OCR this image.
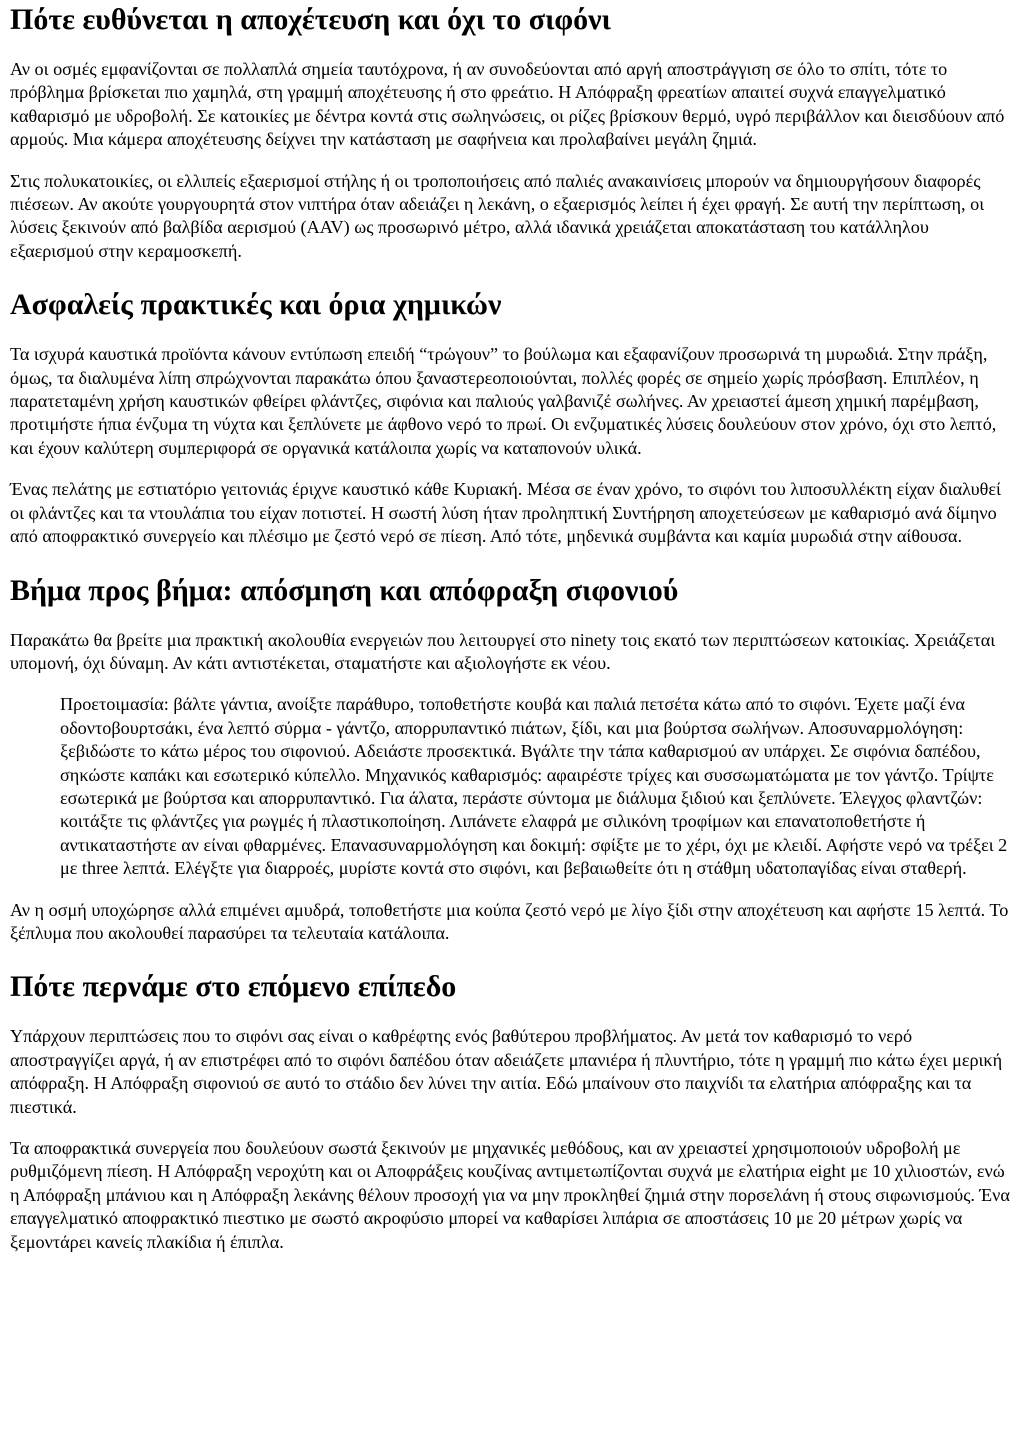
Πότε ευθύνεται η αποχέτευση και όχι το σιφόνι

Αν οι οσμές εμφανίζονται σε πολλαπλά σημεία ταυτόχρονα, ή αν συνοδεύονται από αργή αποστράγγιση σε όλο το σπίτι, τότε το πρόβλημα βρίσκεται πιο χαμηλά, στη γραμμή αποχέτευσης ή στο φρεάτιο. Η Απόφραξη φρεατίων απαιτεί συχνά επαγγελματικό καθαρισμό με υδροβολή. Σε κατοικίες με δέντρα κοντά στις σωληνώσεις, οι ρίζες βρίσκουν θερμό, υγρό περιβάλλον και διεισδύουν από αρμούς. Μια κάμερα αποχέτευσης δείχνει την κατάσταση με σαφήνεια και προλαβαίνει μεγάλη ζημιά.

Στις πολυκατοικίες, οι ελλιπείς εξαερισμοί στήλης ή οι τροποποιήσεις από παλιές ανακαινίσεις μπορούν να δημιουργήσουν διαφορές πιέσεων. Αν ακούτε γουργουρητά στον νιπτήρα όταν αδειάζει η λεκάνη, ο εξαερισμός λείπει ή έχει φραγή. Σε αυτή την περίπτωση, οι λύσεις ξεκινούν από βαλβίδα αερισμού (AAV) ως προσωρινό μέτρο, αλλά ιδανικά χρειάζεται αποκατάσταση του κατάλληλου εξαερισμού στην κεραμοσκεπή.

Ασφαλείς πρακτικές και όρια χημικών

Τα ισχυρά καυστικά προϊόντα κάνουν εντύπωση επειδή “τρώγουν” το βούλωμα και εξαφανίζουν προσωρινά τη μυρωδιά. Στην πράξη, όμως, τα διαλυμένα λίπη σπρώχνονται παρακάτω όπου ξαναστερεοποιούνται, πολλές φορές σε σημείο χωρίς πρόσβαση. Επιπλέον, η παρατεταμένη χρήση καυστικών φθείρει φλάντζες, σιφόνια και παλιούς γαλβανιζέ σωλήνες. Αν χρειαστεί άμεση χημική παρέμβαση, προτιμήστε ήπια ένζυμα τη νύχτα και ξεπλύνετε με άφθονο νερό το πρωί. Οι ενζυματικές λύσεις δουλεύουν στον χρόνο, όχι στο λεπτό, και έχουν καλύτερη συμπεριφορά σε οργανικά κατάλοιπα χωρίς να καταπονούν υλικά.

Ένας πελάτης με εστιατόριο γειτονιάς έριχνε καυστικό κάθε Κυριακή. Μέσα σε έναν χρόνο, το σιφόνι του λιποσυλλέκτη είχαν διαλυθεί οι φλάντζες και τα ντουλάπια του είχαν ποτιστεί. Η σωστή λύση ήταν προληπτική Συντήρηση αποχετεύσεων με καθαρισμό ανά δίμηνο από αποφρακτικό συνεργείο και πλέσιμο με ζεστό νερό σε πίεση. Από τότε, μηδενικά συμβάντα και καμία μυρωδιά στην αίθουσα.

Βήμα προς βήμα: απόσμηση και απόφραξη σιφονιού

Παρακάτω θα βρείτε μια πρακτική ακολουθία ενεργειών που λειτουργεί στο ninety τοις εκατό των περιπτώσεων κατοικίας. Χρειάζεται υπομονή, όχι δύναμη. Αν κάτι αντιστέκεται, σταματήστε και αξιολογήστε εκ νέου.

Προετοιμασία: βάλτε γάντια, ανοίξτε παράθυρο, τοποθετήστε κουβά και παλιά πετσέτα κάτω από το σιφόνι. Έχετε μαζί ένα οδοντοβουρτσάκι, ένα λεπτό σύρμα - γάντζο, απορρυπαντικό πιάτων, ξίδι, και μια βούρτσα σωλήνων. Αποσυναρμολόγηση: ξεβιδώστε το κάτω μέρος του σιφονιού. Αδειάστε προσεκτικά. Βγάλτε την τάπα καθαρισμού αν υπάρχει. Σε σιφόνια δαπέδου, σηκώστε καπάκι και εσωτερικό κύπελλο. Μηχανικός καθαρισμός: αφαιρέστε τρίχες και συσσωματώματα με τον γάντζο. Τρίψτε εσωτερικά με βούρτσα και απορρυπαντικό. Για άλατα, περάστε σύντομα με διάλυμα ξιδιού και ξεπλύνετε. Έλεγχος φλαντζών: κοιτάξτε τις φλάντζες για ρωγμές ή πλαστικοποίηση. Λιπάνετε ελαφρά με σιλικόνη τροφίμων και επανατοποθετήστε ή αντικαταστήστε αν είναι φθαρμένες. Επανασυναρμολόγηση και δοκιμή: σφίξτε με το χέρι, όχι με κλειδί. Αφήστε νερό να τρέξει 2 με three λεπτά. Ελέγξτε για διαρροές, μυρίστε κοντά στο σιφόνι, και βεβαιωθείτε ότι η στάθμη υδατοπαγίδας είναι σταθερή.

Αν η οσμή υποχώρησε αλλά επιμένει αμυδρά, τοποθετήστε μια κούπα ζεστό νερό με λίγο ξίδι στην αποχέτευση και αφήστε 15 λεπτά. Το ξέπλυμα που ακολουθεί παρασύρει τα τελευταία κατάλοιπα.

Πότε περνάμε στο επόμενο επίπεδο

Υπάρχουν περιπτώσεις που το σιφόνι σας είναι ο καθρέφτης ενός βαθύτερου προβλήματος. Αν μετά τον καθαρισμό το νερό αποστραγγίζει αργά, ή αν επιστρέφει από το σιφόνι δαπέδου όταν αδειάζετε μπανιέρα ή πλυντήριο, τότε η γραμμή πιο κάτω έχει μερική απόφραξη. Η Απόφραξη σιφονιού σε αυτό το στάδιο δεν λύνει την αιτία. Εδώ μπαίνουν στο παιχνίδι τα ελατήρια απόφραξης και τα πιεστικά.

Τα αποφρακτικά συνεργεία που δουλεύουν σωστά ξεκινούν με μηχανικές μεθόδους, και αν χρειαστεί χρησιμοποιούν υδροβολή με ρυθμιζόμενη πίεση. Η Απόφραξη νεροχύτη και οι Αποφράξεις κουζίνας αντιμετωπίζονται συχνά με ελατήρια eight με 10 χιλιοστών, ενώ η Απόφραξη μπάνιου και η Απόφραξη λεκάνης θέλουν προσοχή για να μην προκληθεί ζημιά στην πορσελάνη ή στους σιφωνισμούς. Ένα επαγγελματικό αποφρακτικό πιεστικο με σωστό ακροφύσιο μπορεί να καθαρίσει λιπάρια σε αποστάσεις 10 με 20 μέτρων χωρίς να ξεμοντάρει κανείς πλακίδια ή έπιπλα.
